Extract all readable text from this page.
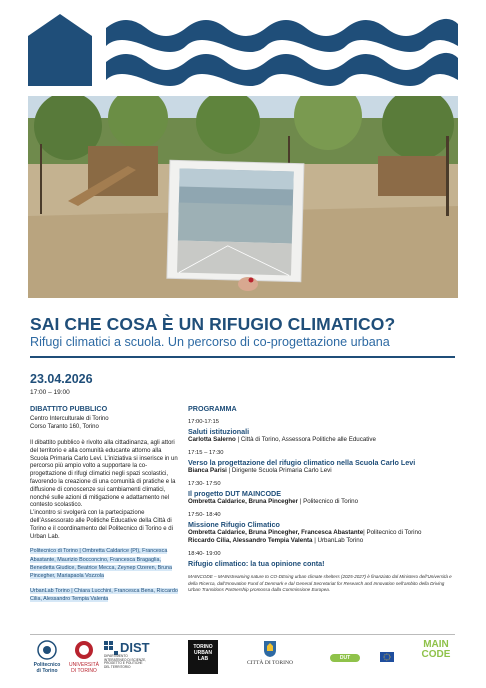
SAI CHE COSA È UN RIFUGIO CLIMATICO?
Rifugi climatici a scuola. Un percorso di co-progettazione urbana
23.04.2026
17:00 – 19:00
DIBATTITO PUBBLICO

Centro Interculturale di Torino

Corso Taranto 160, Torino

Il dibattito pubblico è rivolto alla cittadinanza, agli attori del territorio e alla comunità educante attorno alla Scuola Primaria Carlo Levi. L’iniziativa si inserisce in un percorso più ampio volto a supportare la co-progettazione di rifugi climatici negli spazi scolastici, favorendo la creazione di una comunità di pratiche e la diffusione di conoscenze sui cambiamenti climatici, nonché sulle azioni di mitigazione e adattamento nel contesto scolastico.

L’incontro si svolgerà con la partecipazione dell’Assessorato alle Politiche Educative della Città di Torino e il coordinamento del Politecnico di Torino e di Urban Lab.

Politecnico di Torino | Ombretta Caldarice (PI), Francesca Abastante, Maurizio Bocconcino, Francesca Bragaglia, Benedetta Giudice, Beatrice Mecca, Zeynep Ozeren, Bruna Pincegher, Mariapaola Vozzola
UrbanLab Torino | Chiara Lucchini, Francesca Bena, Riccardo Cilia, Alessandro Tempia Valenta
PROGRAMMA
17:00-17:15
Saluti istituzionali
Carlotta Salerno | Città di Torino, Assessora Politiche alle Educative
17:15 – 17:30
Verso la progettazione del rifugio climatico nella Scuola Carlo Levi
Bianca Parisi | Dirigente Scuola Primaria Carlo Levi
17:30- 17:50
Il progetto DUT MAINCODE
Ombretta Caldarice, Bruna Pincegher | Politecnico di Torino
17:50- 18:40
Missione Rifugio Climatico
Ombretta Caldarice, Bruna Pincegher, Francesca Abastante| Politecnico di Torino
Riccardo Cilia, Alessandro Tempia Valenta | UrbanLab Torino
18:40- 19:00
Rifugio climatico: la tua opinione conta!
MAINCODE – MAINstreaming nature to CO-DEsing urban climate shelters (2025-2027) è finanziato dal Ministero dell’Università e della Ricerca, dall’Innovation Fund of Denmark e dal General Secretariat for Research and Innovation nell’ambito della Driving Urban Transitions Partnership promossa dalla Commissione Europea.
Politecnico
di Torino
UNIVERSITÀ
DI TORINO
DIST
DIPARTIMENTO
INTERATENEO DI SCIENZE,
PROGETTO E POLITICHE
DEL TERRITORIO
TORINO
URBAN
LAB
CITTÀ DI TORINO
DUT
MAIN
CODE
